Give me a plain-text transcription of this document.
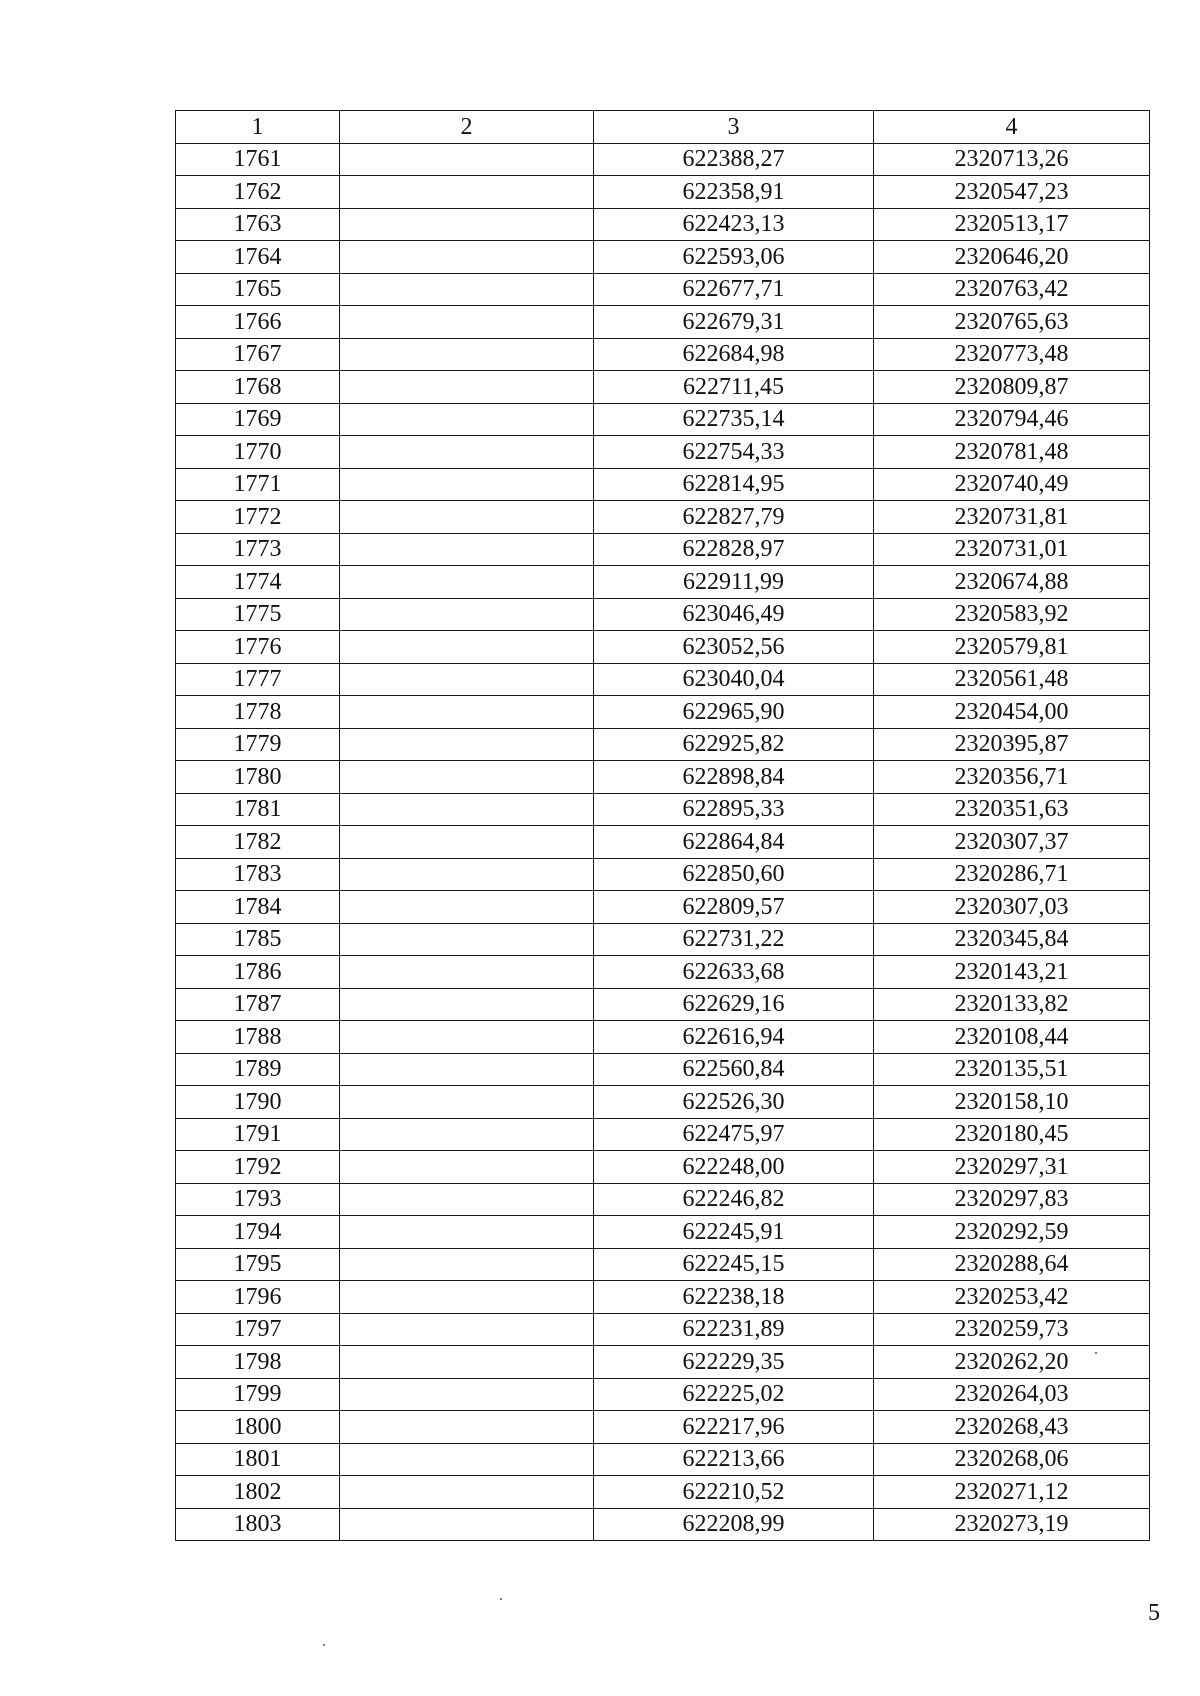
1	2	3	4
1761		622388,27	2320713,26
1762		622358,91	2320547,23
1763		622423,13	2320513,17
1764		622593,06	2320646,20
1765		622677,71	2320763,42
1766		622679,31	2320765,63
1767		622684,98	2320773,48
1768		622711,45	2320809,87
1769		622735,14	2320794,46
1770		622754,33	2320781,48
1771		622814,95	2320740,49
1772		622827,79	2320731,81
1773		622828,97	2320731,01
1774		622911,99	2320674,88
1775		623046,49	2320583,92
1776		623052,56	2320579,81
1777		623040,04	2320561,48
1778		622965,90	2320454,00
1779		622925,82	2320395,87
1780		622898,84	2320356,71
1781		622895,33	2320351,63
1782		622864,84	2320307,37
1783		622850,60	2320286,71
1784		622809,57	2320307,03
1785		622731,22	2320345,84
1786		622633,68	2320143,21
1787		622629,16	2320133,82
1788		622616,94	2320108,44
1789		622560,84	2320135,51
1790		622526,30	2320158,10
1791		622475,97	2320180,45
1792		622248,00	2320297,31
1793		622246,82	2320297,83
1794		622245,91	2320292,59
1795		622245,15	2320288,64
1796		622238,18	2320253,42
1797		622231,89	2320259,73
1798		622229,35	2320262,20
1799		622225,02	2320264,03
1800		622217,96	2320268,43
1801		622213,66	2320268,06
1802		622210,52	2320271,12
1803		622208,99	2320273,19
5
